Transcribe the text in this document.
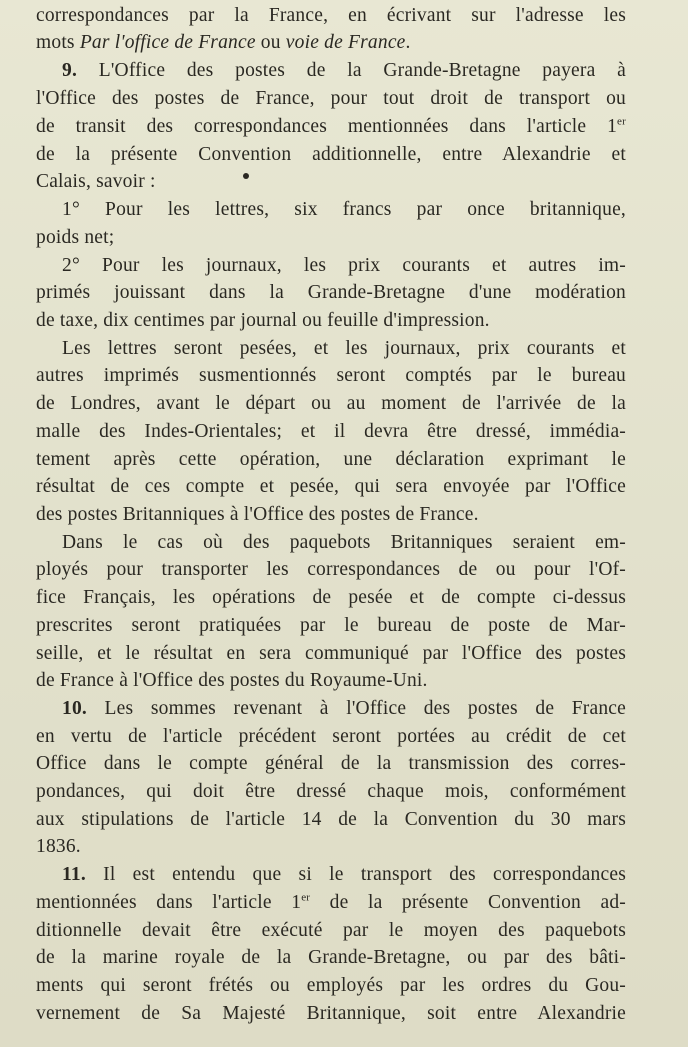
correspondances par la France, en écrivant sur l'adresse les
mots Par l'office de France ou voie de France.
9. L'Office des postes de la Grande-Bretagne payera à
l'Office des postes de France, pour tout droit de transport ou
de transit des correspondances mentionnées dans l'article 1er
de la présente Convention additionnelle, entre Alexandrie et
Calais, savoir :
1° Pour les lettres, six francs par once britannique,
poids net;
2° Pour les journaux, les prix courants et autres im-
primés jouissant dans la Grande-Bretagne d'une modération
de taxe, dix centimes par journal ou feuille d'impression.
Les lettres seront pesées, et les journaux, prix courants et
autres imprimés susmentionnés seront comptés par le bureau
de Londres, avant le départ ou au moment de l'arrivée de la
malle des Indes-Orientales; et il devra être dressé, immédia-
tement après cette opération, une déclaration exprimant le
résultat de ces compte et pesée, qui sera envoyée par l'Office
des postes Britanniques à l'Office des postes de France.
Dans le cas où des paquebots Britanniques seraient em-
ployés pour transporter les correspondances de ou pour l'Of-
fice Français, les opérations de pesée et de compte ci-dessus
prescrites seront pratiquées par le bureau de poste de Mar-
seille, et le résultat en sera communiqué par l'Office des postes
de France à l'Office des postes du Royaume-Uni.
10. Les sommes revenant à l'Office des postes de France
en vertu de l'article précédent seront portées au crédit de cet
Office dans le compte général de la transmission des corres-
pondances, qui doit être dressé chaque mois, conformément
aux stipulations de l'article 14 de la Convention du 30 mars
1836.
11. Il est entendu que si le transport des correspondances
mentionnées dans l'article 1er de la présente Convention ad-
ditionnelle devait être exécuté par le moyen des paquebots
de la marine royale de la Grande-Bretagne, ou par des bâti-
ments qui seront frétés ou employés par les ordres du Gou-
vernement de Sa Majesté Britannique, soit entre Alexandrie
